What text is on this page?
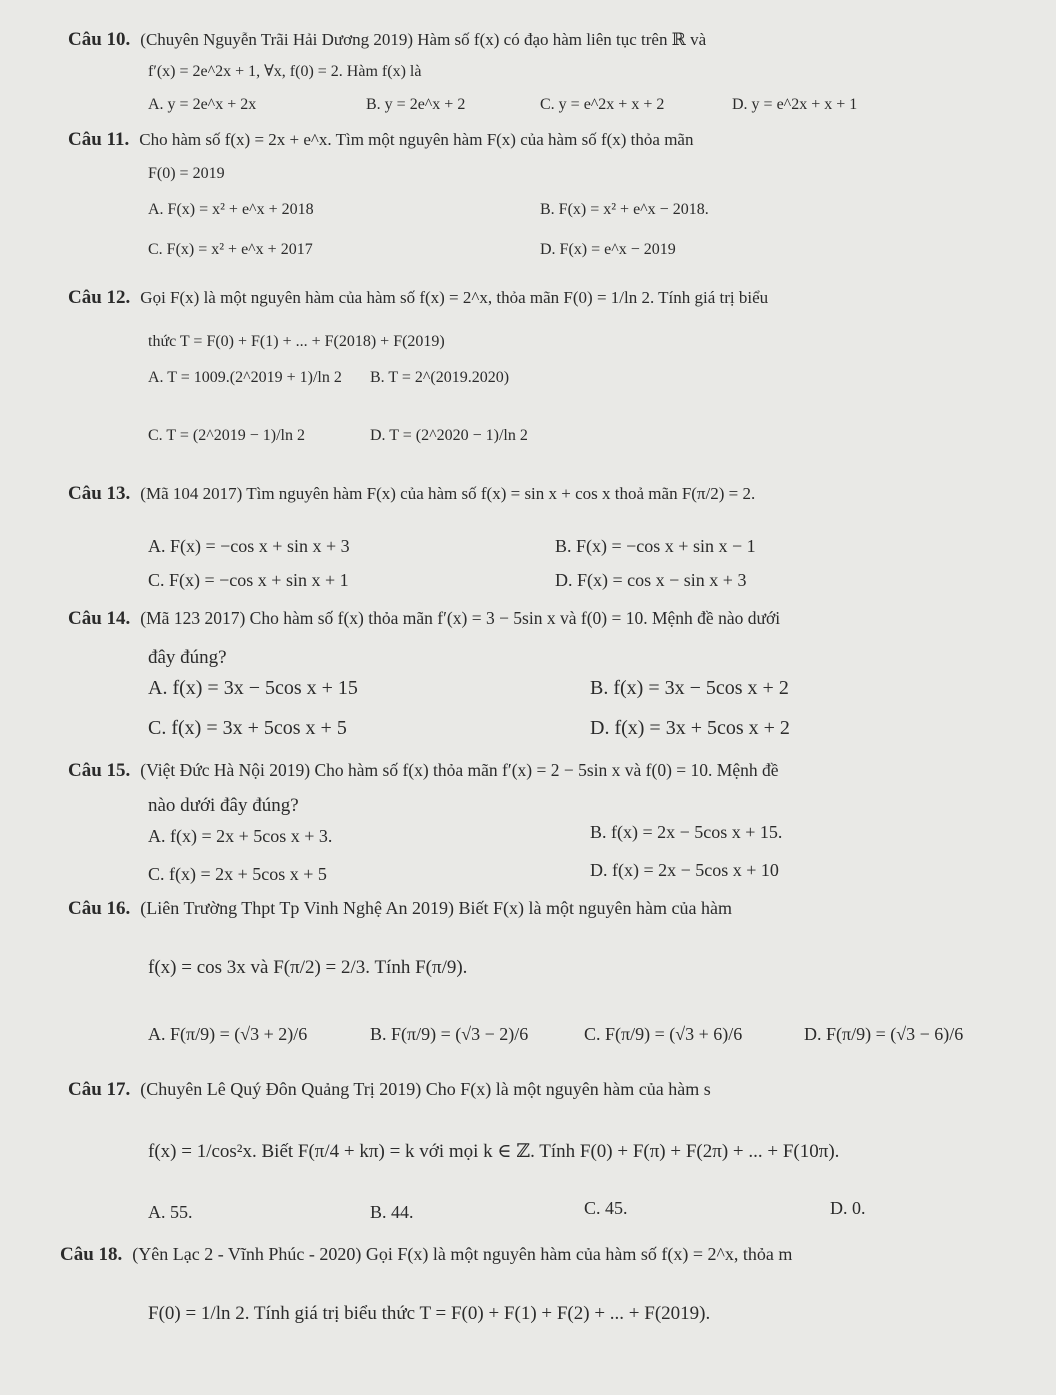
Câu 10. (Chuyên Nguyễn Trãi Hải Dương 2019) Hàm số f(x) có đạo hàm liên tục trên ℝ và
f′(x) = 2e^2x + 1, ∀x, f(0) = 2. Hàm f(x) là
A. y = 2e^x + 2x	B. y = 2e^x + 2	C. y = e^2x + x + 2	D. y = e^2x + x + 1
Câu 11. Cho hàm số f(x) = 2x + e^x. Tìm một nguyên hàm F(x) của hàm số f(x) thỏa mãn
F(0) = 2019
A. F(x) = x² + e^x + 2018	B. F(x) = x² + e^x − 2018.
C. F(x) = x² + e^x + 2017	D. F(x) = e^x − 2019
Câu 12. Gọi F(x) là một nguyên hàm của hàm số f(x) = 2^x, thỏa mãn F(0) = 1/ln 2. Tính giá trị biểu
thức T = F(0) + F(1) + ... + F(2018) + F(2019)
A. T = 1009.(2^2019 + 1)/ln 2 B. T = 2^(2019.2020)
C. T = (2^2019 − 1)/ln 2	D. T = (2^2020 − 1)/ln 2
Câu 13. (Mã 104 2017) Tìm nguyên hàm F(x) của hàm số f(x) = sin x + cos x thoả mãn F(π/2) = 2.
A. F(x) = −cos x + sin x + 3	B. F(x) = −cos x + sin x − 1
C. F(x) = −cos x + sin x + 1	D. F(x) = cos x − sin x + 3
Câu 14. (Mã 123 2017) Cho hàm số f(x) thỏa mãn f′(x) = 3 − 5sin x và f(0) = 10. Mệnh đề nào dưới
đây đúng?
A. f(x) = 3x − 5cos x + 15	B. f(x) = 3x − 5cos x + 2
C. f(x) = 3x + 5cos x + 5	D. f(x) = 3x + 5cos x + 2
Câu 15. (Việt Đức Hà Nội 2019) Cho hàm số f(x) thỏa mãn f′(x) = 2 − 5sin x và f(0) = 10. Mệnh đề
nào dưới đây đúng?
A. f(x) = 2x + 5cos x + 3.	B. f(x) = 2x − 5cos x + 15.
C. f(x) = 2x + 5cos x + 5	D. f(x) = 2x − 5cos x + 10
Câu 16. (Liên Trường Thpt Tp Vinh Nghệ An 2019) Biết F(x) là một nguyên hàm của hàm
f(x) = cos 3x và F(π/2) = 2/3. Tính F(π/9).
A. F(π/9) = (√3 + 2)/6	B. F(π/9) = (√3 − 2)/6	C. F(π/9) = (√3 + 6)/6	D. F(π/9) = (√3 − 6)/6
Câu 17. (Chuyên Lê Quý Đôn Quảng Trị 2019) Cho F(x) là một nguyên hàm của hàm s
f(x) = 1/cos²x. Biết F(π/4 + kπ) = k với mọi k ∈ ℤ. Tính F(0) + F(π) + F(2π) + ... + F(10π).
A. 55.	B. 44.	C. 45.	D. 0.
Câu 18. (Yên Lạc 2 - Vĩnh Phúc - 2020) Gọi F(x) là một nguyên hàm của hàm số f(x) = 2^x, thỏa m
F(0) = 1/ln 2. Tính giá trị biểu thức T = F(0) + F(1) + F(2) + ... + F(2019).
